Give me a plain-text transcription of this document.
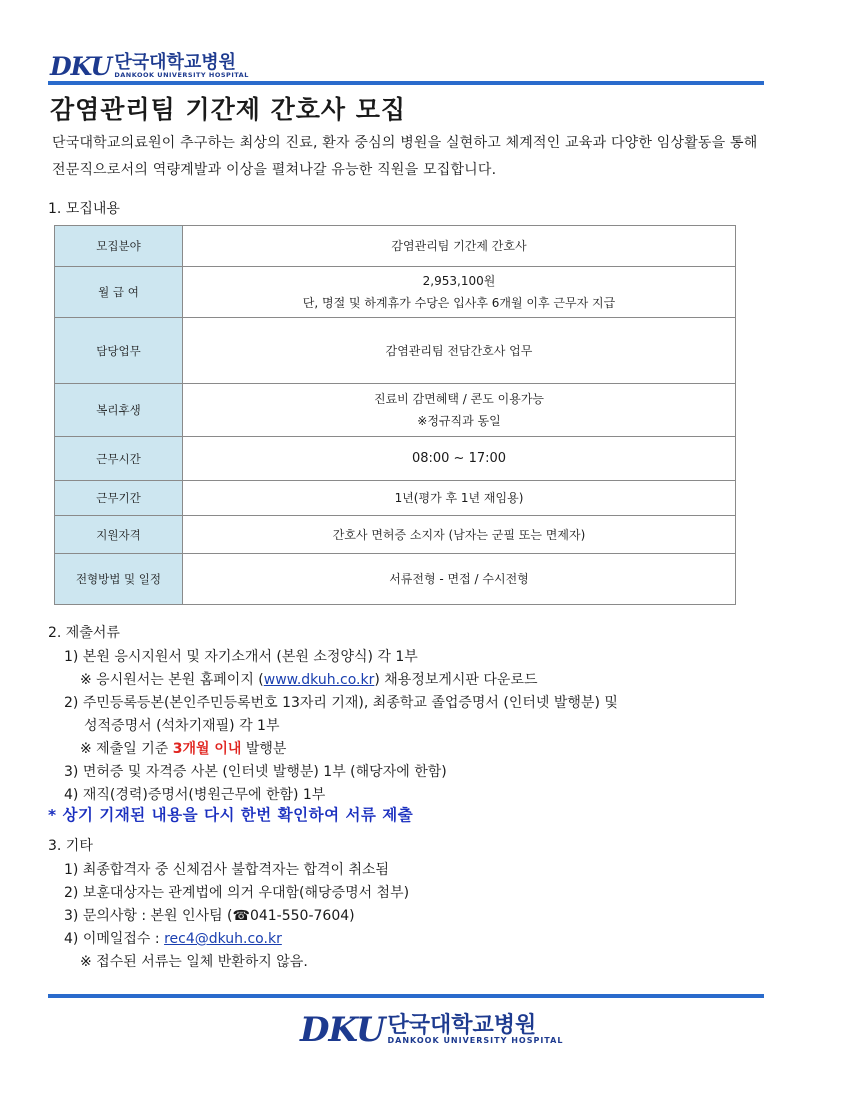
DKU 단국대학교병원
DANKOOK UNIVERSITY HOSPITAL
감염관리팀 기간제 간호사 모집

단국대학교의료원이 추구하는 최상의 진료, 환자 중심의 병원을 실현하고 체계적인 교육과 다양한 임상활동을 통해 전문직으로서의 역량계발과 이상을 펼쳐나갈 유능한 직원을 모집합니다.

1. 모집내용

모집분야	감염관리팀 기간제 간호사
월 급 여	2,953,100원
단, 명절 및 하계휴가 수당은 입사후 6개월 이후 근무자 지급

담당업무	감염관리팀 전담간호사 업무
복리후생	진료비 감면혜택 / 콘도 이용가능
※정규직과 동일

근무시간	08:00 ~ 17:00
근무기간	1년(평가 후 1년 재임용)
지원자격	간호사 면허증 소지자 (남자는 군필 또는 면제자)
전형방법 및 일정	서류전형 - 면접 / 수시전형

2. 제출서류

1) 본원 응시지원서 및 자기소개서 (본원 소정양식) 각 1부
※ 응시원서는 본원 홈페이지 (www.dkuh.co.kr) 채용정보게시판 다운로드
2) 주민등록등본(본인주민등록번호 13자리 기재), 최종학교 졸업증명서 (인터넷 발행분) 및
성적증명서 (석차기재필) 각 1부
※ 제출일 기준 3개월 이내 발행분
3) 면허증 및 자격증 사본 (인터넷 발행분) 1부 (해당자에 한함)
4) 재직(경력)증명서(병원근무에 한함) 1부

* 상기 기재된 내용을 다시 한번 확인하여 서류 제출

3. 기타

1) 최종합격자 중 신체검사 불합격자는 합격이 취소됨
2) 보훈대상자는 관계법에 의거 우대함(해당증명서 첨부)
3) 문의사항 : 본원 인사팀 (☎041-550-7604)
4) 이메일접수 : rec4@dkuh.co.kr
※ 접수된 서류는 일체 반환하지 않음.
DKU 단국대학교병원
DANKOOK UNIVERSITY HOSPITAL
